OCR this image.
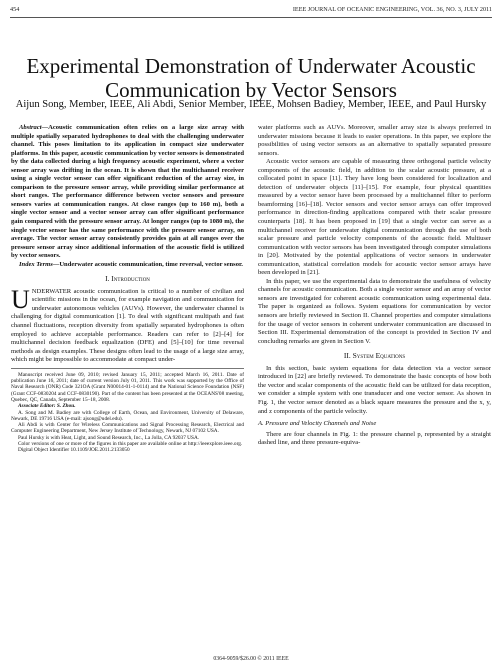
454	IEEE JOURNAL OF OCEANIC ENGINEERING, VOL. 36, NO. 3, JULY 2011
Experimental Demonstration of Underwater Acoustic Communication by Vector Sensors
Aijun Song, Member, IEEE, Ali Abdi, Senior Member, IEEE, Mohsen Badiey, Member, IEEE, and Paul Hursky

Abstract—Acoustic communication often relies on a large size array with multiple spatially separated hydrophones to deal with the challenging underwater channel. This poses limitation to its application in compact size underwater platforms. In this paper, acoustic communication by vector sensors is demonstrated by the data collected during a high frequency acoustic experiment, where a vector sensor array was drifting in the ocean. It is shown that the multichannel receiver using a single vector sensor can offer significant reduction of the array size, in comparison to the pressure sensor array, while providing similar performance at short ranges. The performance difference between vector sensors and pressure sensors varies at communication ranges. At close ranges (up to 160 m), both a single vector sensor and a vector sensor array can offer significant performance gain compared with the pressure sensor array. At longer ranges (up to 1080 m), the single vector sensor has the same performance with the pressure sensor array, on average. The vector sensor array consistently provides gain at all ranges over the pressure sensor array since additional information of the acoustic field is utilized by vector sensors.

Index Terms—Underwater acoustic communication, time reversal, vector sensor.

I. Introduction

UNDERWATER acoustic communication is critical to a number of civilian and scientific missions in the ocean, for example navigation and communication for underwater autonomous vehicles (AUVs). However, the underwater channel is challenging for digital communication [1]. To deal with significant multipath and fast channel fluctuations, reception diversity from spatially separated hydrophones is often employed to achieve acceptable performance. Readers can refer to [2]–[4] for multichannel decision feedback equalization (DFE) and [5]–[10] for time reversal methods as design examples. These designs often lead to the usage of a large size array, which might be impossible to accommodate at compact under-

Manuscript received June 09, 2010; revised January 15, 2011; accepted March 16, 2011. Date of publication June 16, 2011; date of current version July 01, 2011. This work was supported by the Office of Naval Research (ONR) Code 321OA (Grant N00014-01-1-0114) and the National Science Foundation (NSF) (Grant CCF-0830204 and CCF-0830190). Part of the content has been presented at the OCEANS'08 meeting, Quebec, QC, Canada, September 15–18, 2008.

Associate Editor: S. Zhou.

A. Song and M. Badiey are with College of Earth, Ocean, and Environment, University of Delaware, Newark, DE 19716 USA (e-mail: ajsong@udel.edu).

Ali Abdi is with Center for Wireless Communications and Signal Processing Research, Electrical and Computer Engineering Department, New Jersey Institute of Technology, Newark, NJ 07102 USA.

Paul Hursky is with Heat, Light, and Sound Research, Inc., La Jolla, CA 92037 USA.

Color versions of one or more of the figures in this paper are available online at http://ieeexplore.ieee.org.

Digital Object Identifier 10.1109/JOE.2011.2133050

water platforms such as AUVs. Moreover, smaller array size is always preferred in underwater missions because it leads to easier operations. In this paper, we explore the possibilities of using vector sensors as an alternative to spatially separated pressure sensors.

Acoustic vector sensors are capable of measuring three orthogonal particle velocity components of the acoustic field, in addition to the scalar acoustic pressure, at a collocated point in space [11]. They have long been considered for localization and detection of underwater objects [11]–[15]. For example, four physical quantities measured by a vector sensor have been processed by a multichannel filter to perform beamforming [16]–[18]. Vector sensors and vector sensor arrays can offer improved performance in direction-finding applications compared with their scalar pressure counterparts [18]. It has been proposed in [19] that a single vector can serve as a multichannel receiver for underwater digital communication through the use of both scalar pressure and particle velocity components of the acoustic field. Multiuser communication with vector sensors has been investigated through computer simulations in [20]. Motivated by the potential applications of vector sensors in underwater communication, statistical correlation models for acoustic vector sensor arrays have been developed in [21].

In this paper, we use the experimental data to demonstrate the usefulness of velocity channels for acoustic communication. Both a single vector sensor and an array of vector sensors are investigated for coherent acoustic communication using experimental data. The paper is organized as follows. System equations for communication by vector sensors are briefly reviewed in Section II. Channel properties and computer simulations for the usage of vector sensors in coherent underwater communication are discussed in Section III. Experimental demonstration of the concept is provided in Section IV and concluding remarks are given in Section V.

II. System Equations

In this section, basic system equations for data detection via a vector sensor introduced in [22] are briefly reviewed. To demonstrate the basic concepts of how both the vector and scalar components of the acoustic field can be utilized for data reception, we consider a simple system with one transducer and one vector sensor. As shown in Fig. 1, the vector sensor denoted as a black square measures the pressure and the x, y, and z components of the particle velocity.

A. Pressure and Velocity Channels and Noise

There are four channels in Fig. 1: the pressure channel p, represented by a straight dashed line, and three pressure-equiva-

0364-9059/$26.00 © 2011 IEEE
